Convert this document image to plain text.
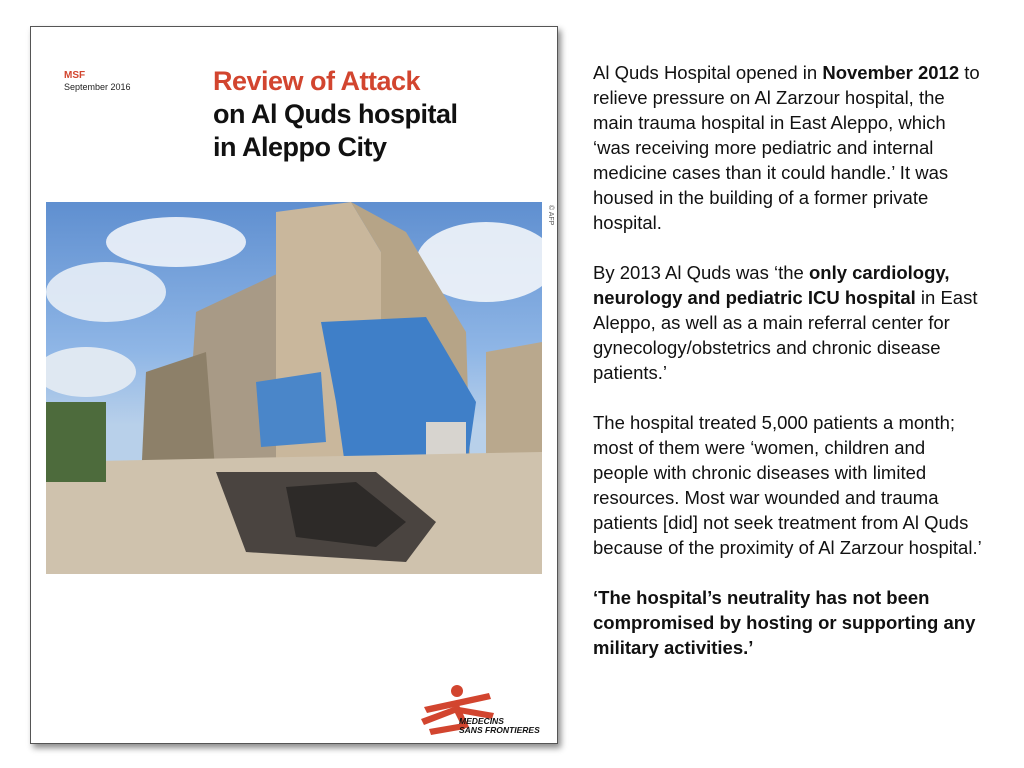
MSF
September 2016	Review of Attack
on Al Quds hospital
in Aleppo City
© AFP
MEDECINS
SANS FRONTIERES

Al Quds Hospital opened in November 2012 to relieve pressure on Al Zarzour hospital, the main trauma hospital in East Aleppo, which ‘was receiving more pediatric and internal medicine cases than it could handle.’ It was housed in the building of a former private hospital.

By 2013 Al Quds was ‘the only cardiology, neurology and pediatric ICU hospital in East Aleppo, as well as a main referral center for gynecology/obstetrics and chronic disease patients.’

The hospital treated 5,000 patients a month; most of them were ‘women, children and people with chronic diseases with limited resources. Most war wounded and trauma patients [did] not seek treatment from Al Quds because of the proximity of Al Zarzour hospital.’

‘The hospital’s neutrality has not been compromised by hosting or supporting any military activities.’
